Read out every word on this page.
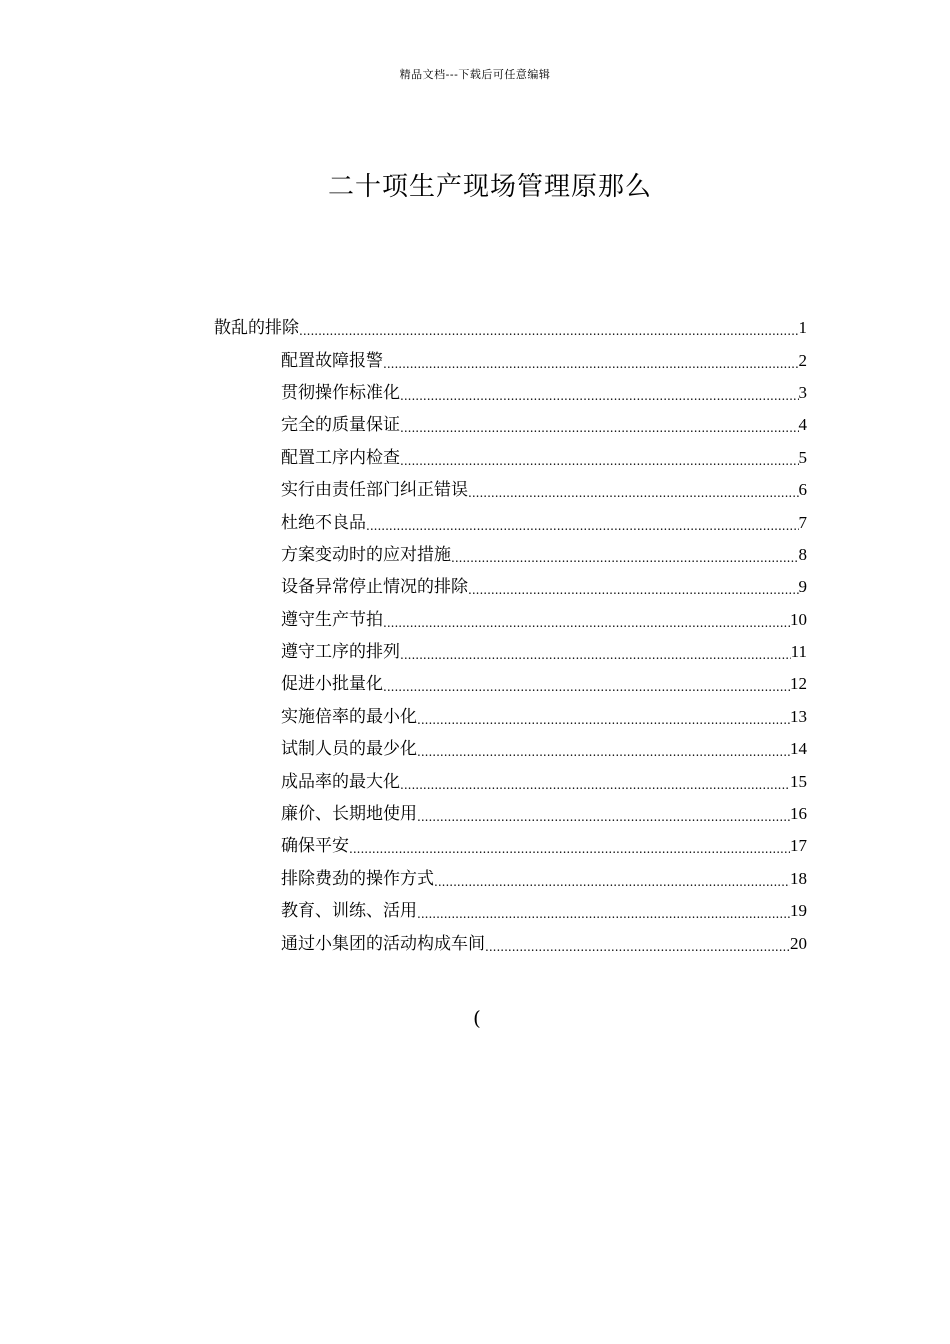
精品文档---下载后可任意编辑
二十项生产现场管理原那么
散乱的排除 .....	1
配置故障报警 .....	2
贯彻操作标准化 .....	3
完全的质量保证 .....	4
配置工序内检查 .....	5
实行由责任部门纠正错误 .....	6
杜绝不良品 .....	7
方案变动时的应对措施 .....	8
设备异常停止情况的排除 .....	9
遵守生产节拍 .....	10
遵守工序的排列 .....	11
促进小批量化 .....	12
实施倍率的最小化 .....	13
试制人员的最少化 .....	14
成品率的最大化 .....	15
廉价、长期地使用 .....	16
确保平安 .....	17
排除费劲的操作方式 .....	18
教育、训练、活用 .....	19
通过小集团的活动构成车间 .....	20
(
